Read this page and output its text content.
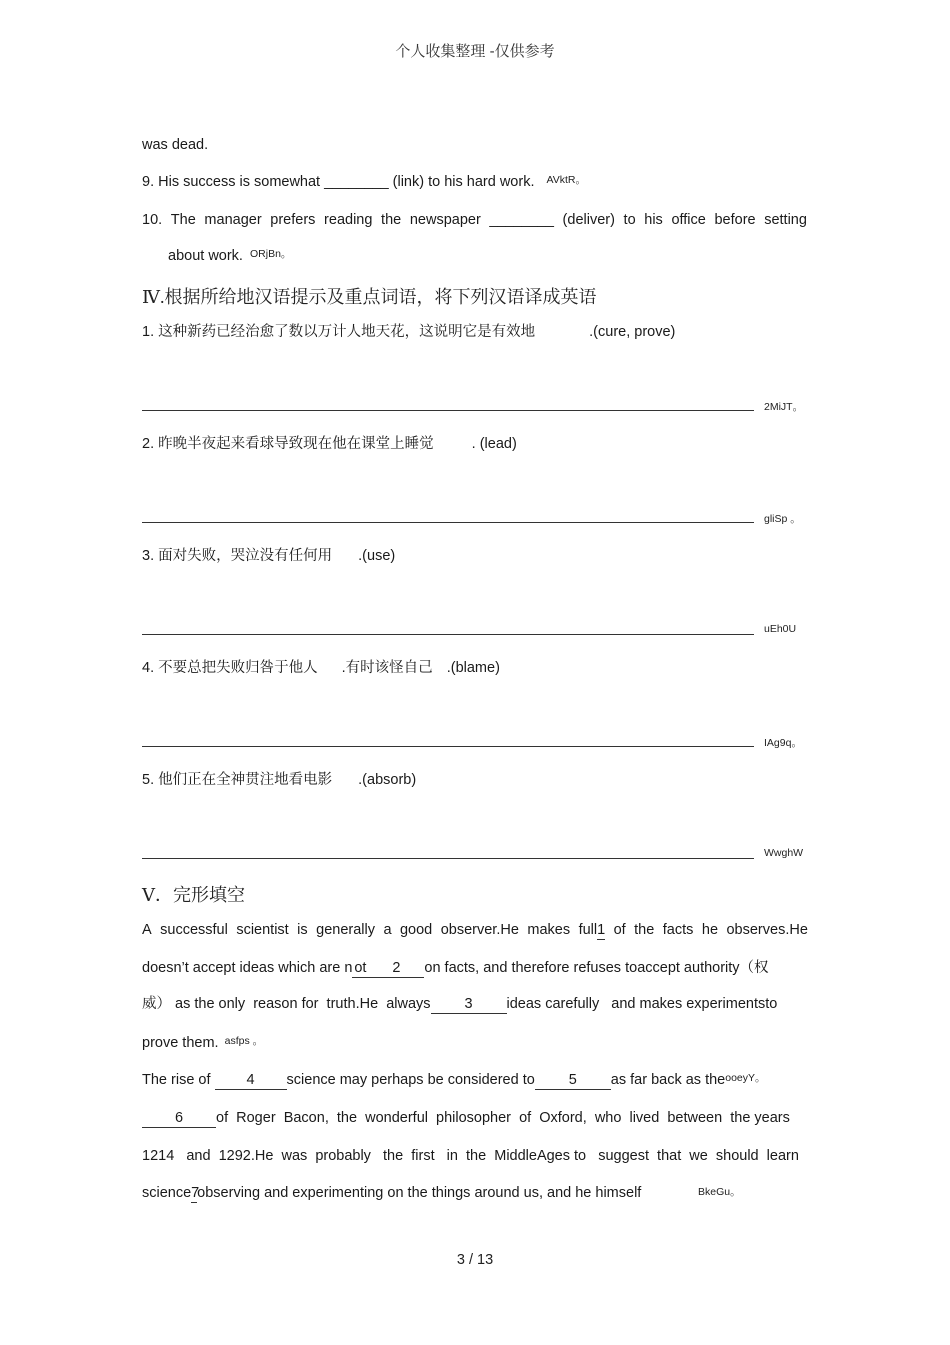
个人收集整理 -仅供参考
was dead.
9. His success is somewhat ________ (link) to his hard work. $^{AVktR。}$
10. The manager prefers reading the newspaper ________ (deliver) to his office before setting
about work. $^{ORjBn。}$
Ⅳ.根据所给地汉语提示及重点词语，将下列汉语译成英语
1. 这种新药已经治愈了数以万计人地天花，这说明它是有效地	.(cure, prove)
2MiJT。
2. 昨晚半夜起来看球导致现在他在课堂上睡觉	. (lead)
gliSp 。
3. 面对失败，哭泣没有任何用 .(use)
uEh0U
4. 不要总把失败归咎于他人 .有时该怪自己 .(blame)
IAg9q。
5. 他们正在全神贯注地看电影 .(absorb)
WwghW
Ⅴ．完形填空
A successful scientist is generally a good observer.He makes full1 of the facts he observes.He
doesn’t accept ideas which are n ot 2 on facts, and therefore refuses toaccept authority（权
威） as the only  reason for  truth.He  always 3 ideas carefully   and makes experimentsto
prove them. $^{asfps 。}$
The rise of 4 science may perhaps be considered to 5 as far back as the$^{ooeyY。}$
6 of  Roger  Bacon,  the  wonderful  philosopher  of  Oxford,  who  lived  between  the years
1214   and  1292.He  was  probably   the  first   in  the  MiddleAges to   suggest  that  we  should  learn
science7observing and experimenting on the things around us, and he himself	BkeGu。
3 / 13
